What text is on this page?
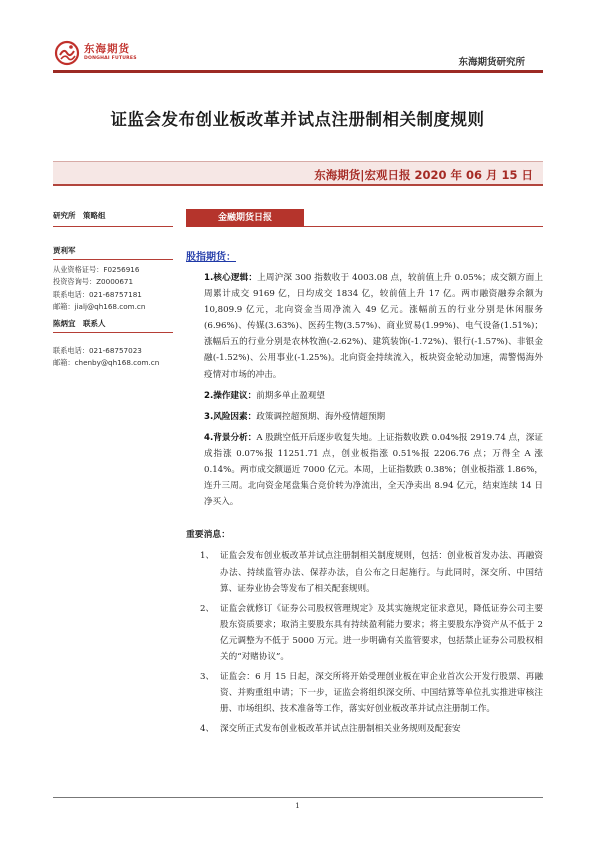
东海期货
DONGHAI FUTURES	东海期货研究所
证监会发布创业板改革并试点注册制相关制度规则
东海期货|宏观日报 2020 年 06 月 15 日
研究所　策略组
贾利军
从业资格证号：F0256916
投资咨询号：Z0000671
联系电话：021-68757181
邮箱：jialj@qh168.com.cn
陈炳宜　联系人
联系电话：021-68757023
邮箱：chenby@qh168.com.cn
金融期货日报
股指期货：

1.核心逻辑：上周沪深 300 指数收于 4003.08 点，较前值上升 0.05%；成交额方面上周累计成交 9169 亿，日均成交 1834 亿，较前值上升 17 亿。两市融资融券余额为 10,809.9 亿元，北向资金当周净流入 49 亿元。涨幅前五的行业分别是休闲服务(6.96%)、传媒(3.63%)、医药生物(3.57%)、商业贸易(1.99%)、电气设备(1.51%)；涨幅后五的行业分别是农林牧渔(-2.62%)、建筑装饰(-1.72%)、银行(-1.57%)、非银金融(-1.52%)、公用事业(-1.25%)。北向资金持续流入，板块资金轮动加速，需警惕海外疫情对市场的冲击。

2.操作建议：前期多单止盈观望

3.风险因素：政策调控超预期、海外疫情超预期

4.背景分析：A 股跳空低开后逐步收复失地。上证指数收跌 0.04%报 2919.74 点，深证成指涨 0.07%报 11251.71 点，创业板指涨 0.51%报 2206.76 点；万得全 A 涨 0.14%。两市成交额逼近 7000 亿元。本周，上证指数跌 0.38%；创业板指涨 1.86%，连升三周。北向资金尾盘集合竞价转为净流出，全天净卖出 8.94 亿元，结束连续 14 日净买入。

重要消息：
1、 证监会发布创业板改革并试点注册制相关制度规则，包括：创业板首发办法、再融资办法、持续监管办法、保荐办法，自公布之日起施行。与此同时，深交所、中国结算、证券业协会等发布了相关配套规则。
2、 证监会就修订《证券公司股权管理规定》及其实施规定征求意见，降低证券公司主要股东资质要求；取消主要股东具有持续盈利能力要求；将主要股东净资产从不低于 2 亿元调整为不低于 5000 万元。进一步明确有关监管要求，包括禁止证券公司股权相关的“对赌协议”。
3、 证监会：6 月 15 日起，深交所将开始受理创业板在审企业首次公开发行股票、再融资、并购重组申请；下一步，证监会将组织深交所、中国结算等单位扎实推进审核注册、市场组织、技术准备等工作，落实好创业板改革并试点注册制工作。
4、 深交所正式发布创业板改革并试点注册制相关业务规则及配套安
1
